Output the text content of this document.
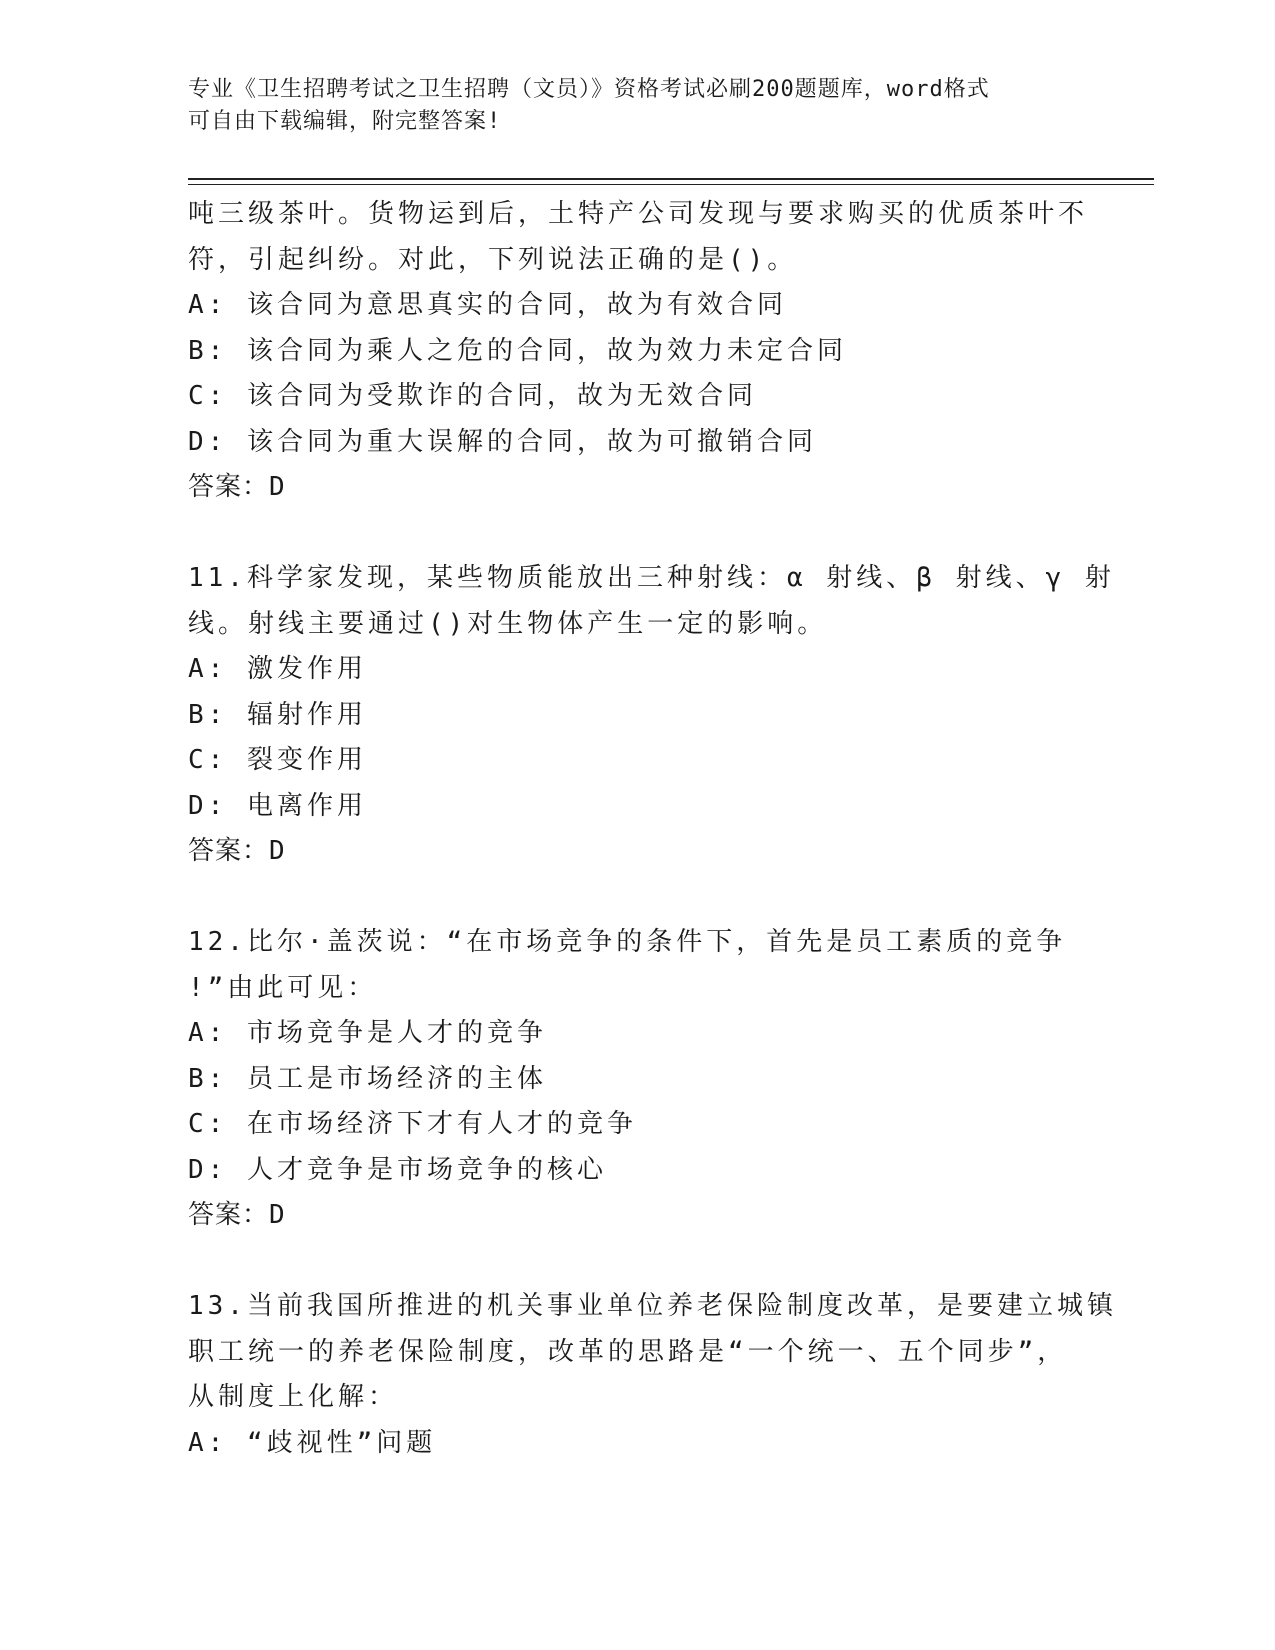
专业《卫生招聘考试之卫生招聘（文员）》资格考试必刷200题题库，word格式
可自由下载编辑，附完整答案!
吨三级茶叶。货物运到后，土特产公司发现与要求购买的优质茶叶不
符，引起纠纷。对此，下列说法正确的是()。
A: 该合同为意思真实的合同，故为有效合同
B: 该合同为乘人之危的合同，故为效力未定合同
C: 该合同为受欺诈的合同，故为无效合同
D: 该合同为重大误解的合同，故为可撤销合同
答案：D
11.科学家发现，某些物质能放出三种射线：α 射线、β 射线、γ 射
线。射线主要通过()对生物体产生一定的影响。
A: 激发作用
B: 辐射作用
C: 裂变作用
D: 电离作用
答案：D
12.比尔·盖茨说：“在市场竞争的条件下，首先是员工素质的竞争
!”由此可见：
A: 市场竞争是人才的竞争
B: 员工是市场经济的主体
C: 在市场经济下才有人才的竞争
D: 人才竞争是市场竞争的核心
答案：D
13.当前我国所推进的机关事业单位养老保险制度改革，是要建立城镇
职工统一的养老保险制度，改革的思路是“一个统一、五个同步”，
从制度上化解：
A: “歧视性”问题
